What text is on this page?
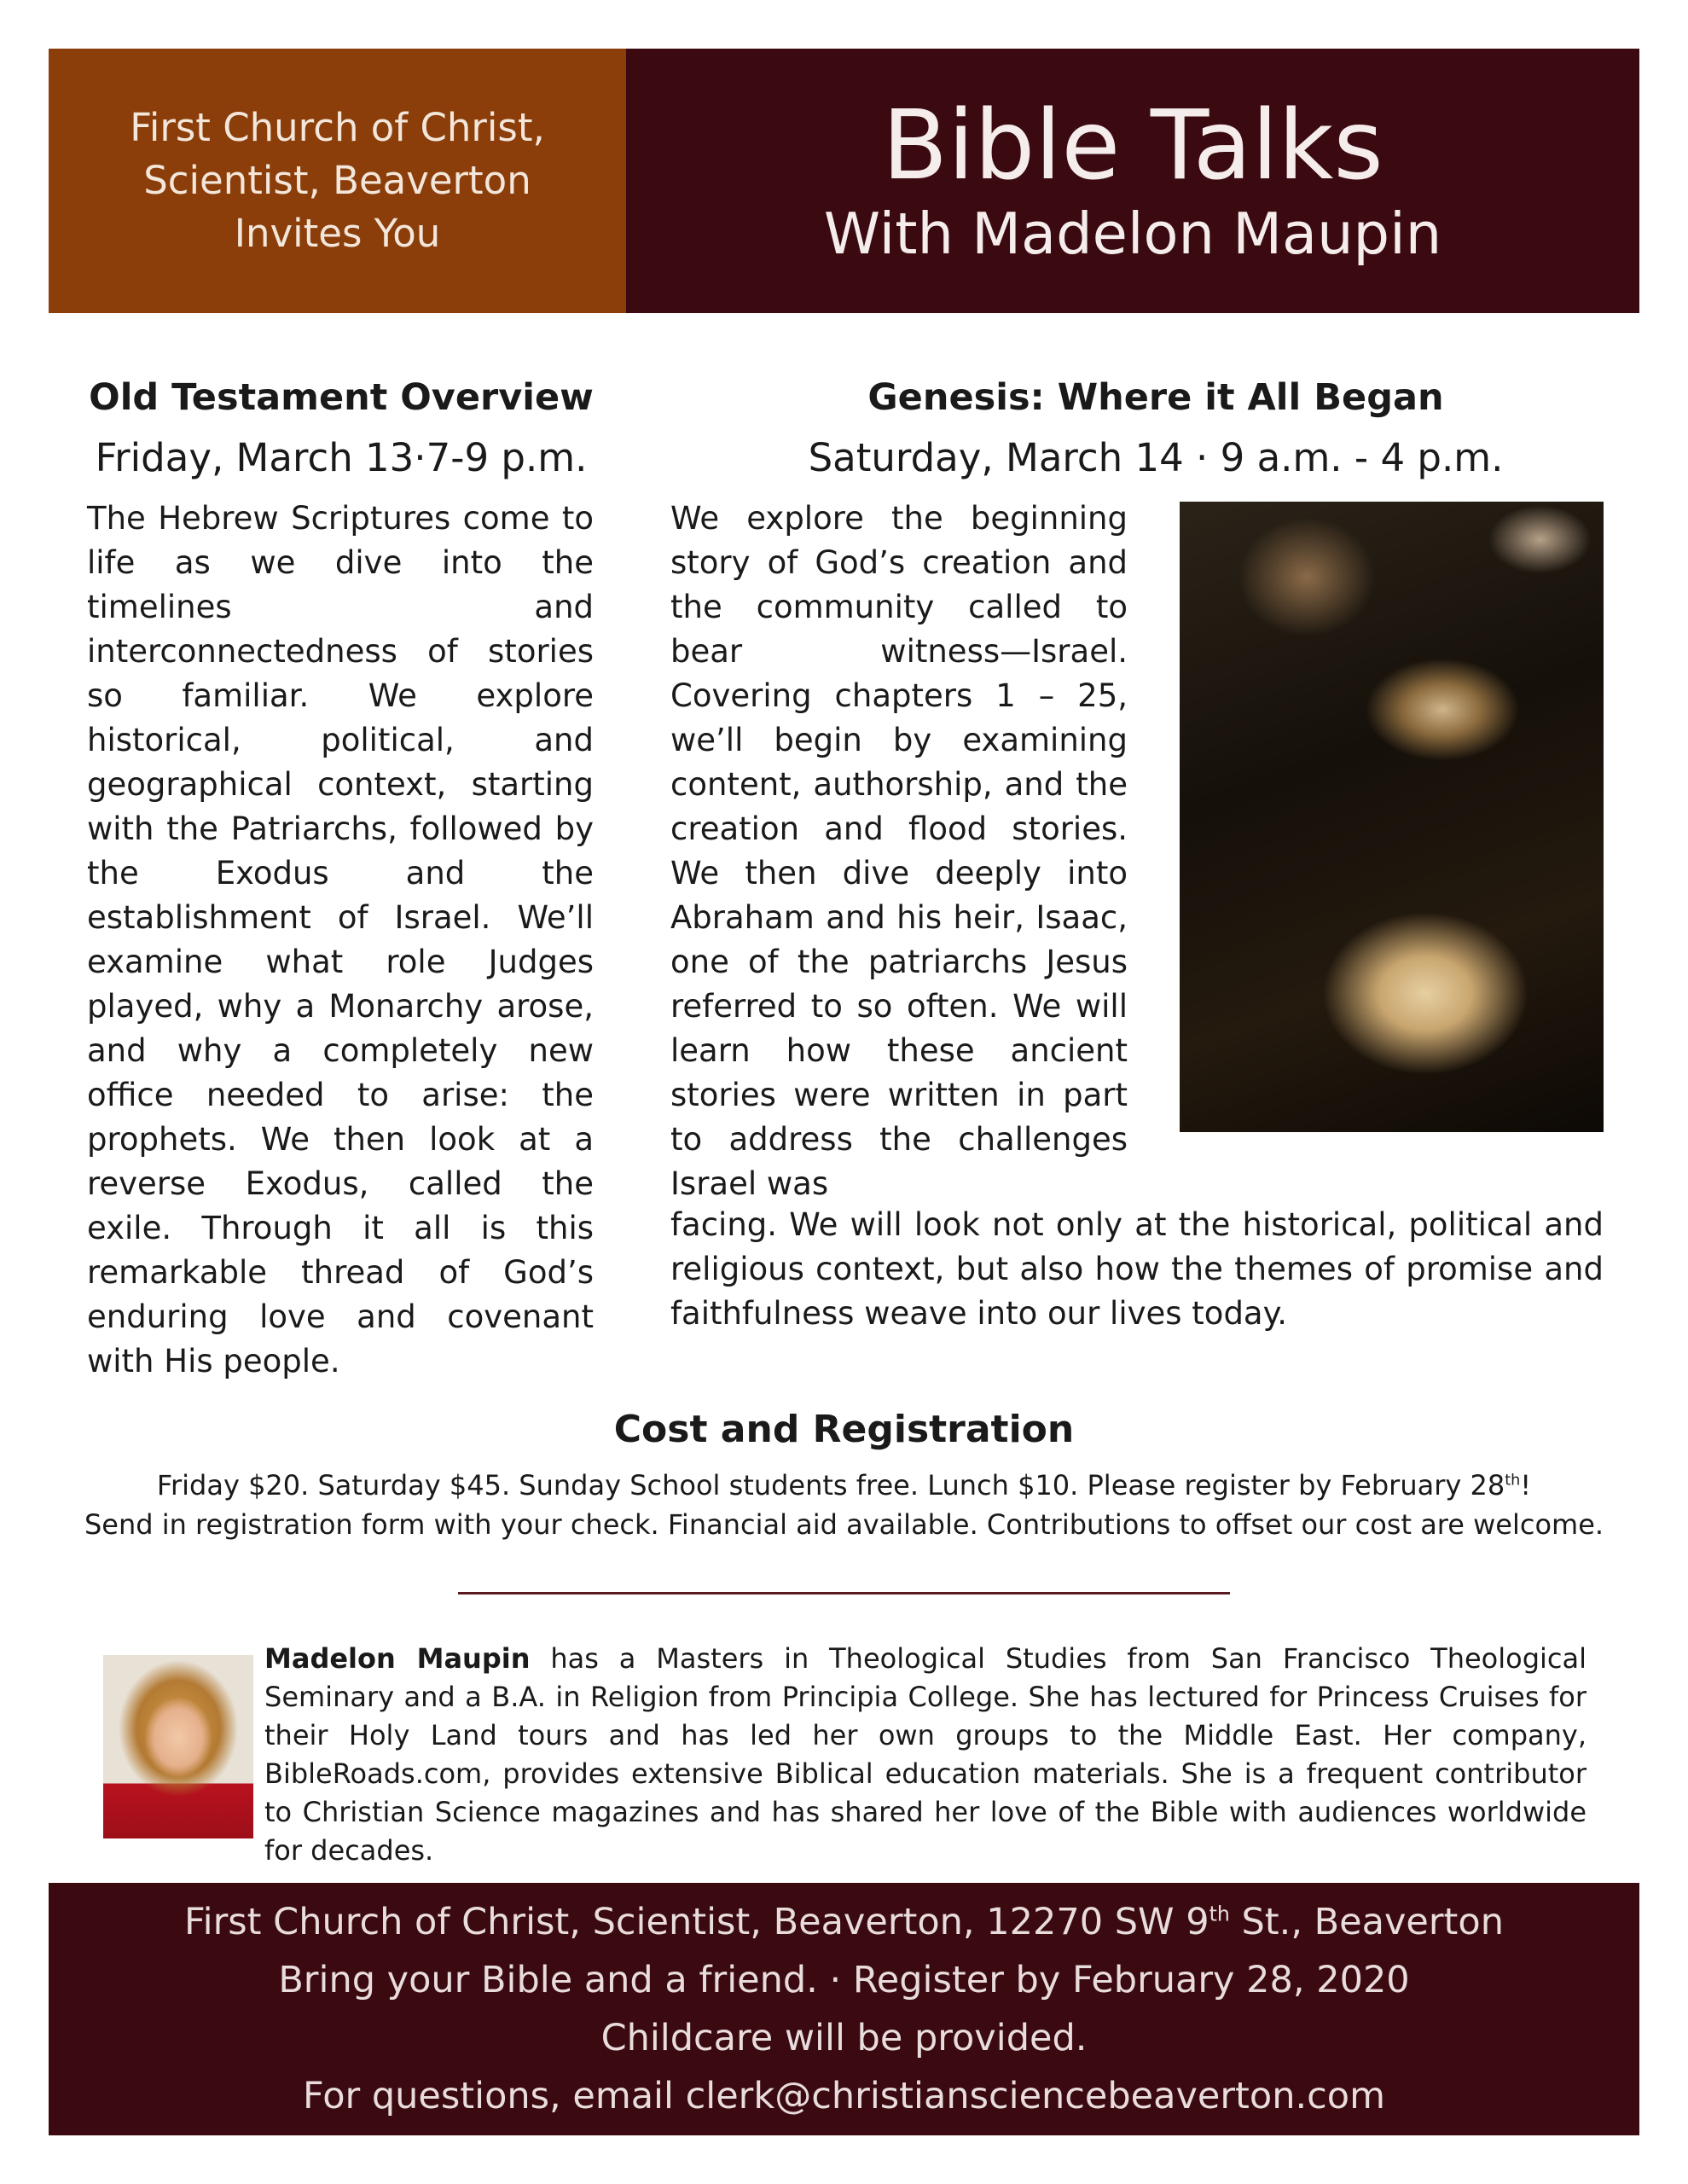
First Church of Christ,
Scientist, Beaverton
Invites You
Bible Talks
With Madelon Maupin
Old Testament Overview
Friday, March 13·7-9 p.m.

The Hebrew Scriptures come to life as we dive into the timelines and interconnectedness of stories so familiar. We explore historical, political, and geographical context, starting with the Patriarchs, followed by the Exodus and the establishment of Israel. We’ll examine what role Judges played, why a Monarchy arose, and why a completely new office needed to arise: the prophets. We then look at a reverse Exodus, called the exile. Through it all is this remarkable thread of God’s enduring love and covenant with His people.

Genesis: Where it All Began
Saturday, March 14 · 9 a.m. - 4 p.m.

We explore the beginning story of God’s creation and the community called to bear witness—Israel. Covering chapters 1 – 25, we’ll begin by examining content, authorship, and the creation and flood stories. We then dive deeply into Abraham and his heir, Isaac, one of the patriarchs Jesus referred to so often. We will learn how these ancient stories were written in part to address the challenges Israel was

facing. We will look not only at the historical, political and religious context, but also how the themes of promise and faithfulness weave into our lives today.

Cost and Registration
Friday $20. Saturday $45. Sunday School students free. Lunch $10. Please register by February 28th!
Send in registration form with your check. Financial aid available. Contributions to offset our cost are welcome.
Madelon Maupin has a Masters in Theological Studies from San Francisco Theological Seminary and a B.A. in Religion from Principia College. She has lectured for Princess Cruises for their Holy Land tours and has led her own groups to the Middle East. Her company, BibleRoads.com, provides extensive Biblical education materials. She is a frequent contributor to Christian Science magazines and has shared her love of the Bible with audiences worldwide for decades.
First Church of Christ, Scientist, Beaverton, 12270 SW 9th St., Beaverton
Bring your Bible and a friend. · Register by February 28, 2020
Childcare will be provided.
For questions, email clerk@christiansciencebeaverton.com
